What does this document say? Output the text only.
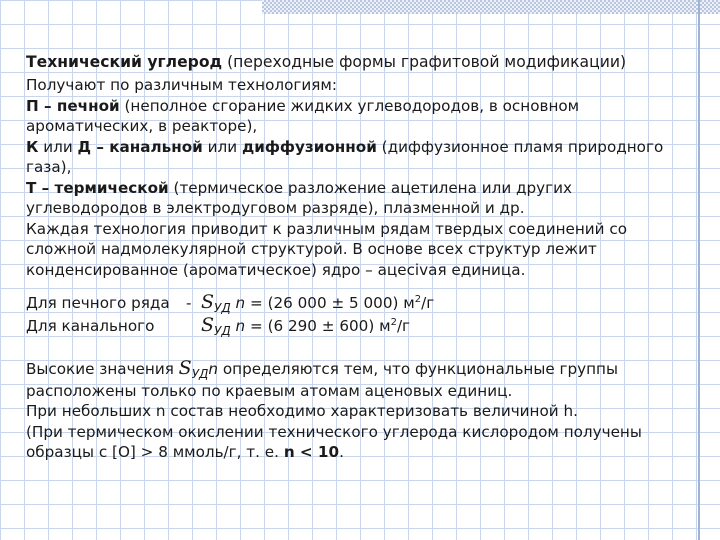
Технический углерод (переходные формы графитовой модификации)

Получают по различным технологиям:

П – печной (неполное сгорание жидких углеводородов, в основном ароматических, в реакторе),

К или Д – канальной или диффузионной (диффузионное пламя природного газа),

Т – термической (термическое разложение ацетилена или других углеводородов в электродуговом разряде), плазменной и др.

Каждая технология приводит к различным рядам твердых соединений со сложной надмолекулярной структурой. В основе всех структур лежит конденсированное (ароматическое) ядро – ацеcivая единица.

Для печного ряда	- $S_{УД}$ n = (26 000 ± 5 000) $м^2/г$
Для канального	$S_{УД}$ n = (6 290 ± 600) $м^2/г$

Высокие значения $S_{УД}n$ определяются тем, что функциональные группы расположены только по краевым атомам аценовых единиц.

При небольших n состав необходимо характеризовать величиной h.

(При термическом окислении технического углерода кислородом получены образцы с [O] > 8 ммоль/г, т. е. n < 10.
